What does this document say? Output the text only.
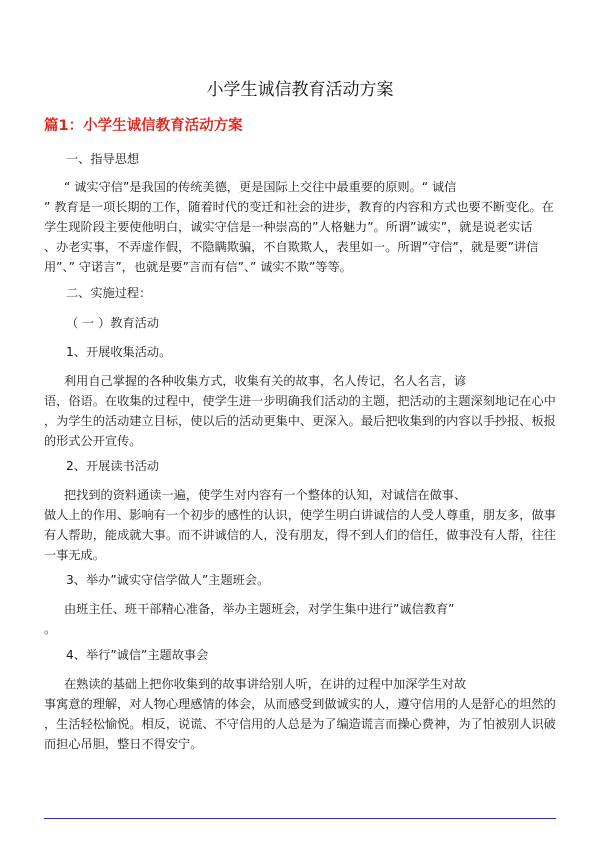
小学生诚信教育活动方案
篇1：小学生诚信教育活动方案
一、指导思想
“ 诚实守信”是我国的传统美德，更是国际上交往中最重要的原则。“ 诚信
” 教育是一项长期的工作，随着时代的变迁和社会的进步，教育的内容和方式也要不断变化。在
学生现阶段主要使他明白，诚实守信是一种崇高的”人格魅力”。所谓”诚实”，就是说老实话
、办老实事，不弄虚作假，不隐瞒欺骗，不自欺欺人，表里如一。所谓”守信”，就是要”讲信
用”、” 守诺言”，也就是要”言而有信”、” 诚实不欺”等等。
二、实施过程：
（ 一 ）教育活动
1、开展收集活动。
利用自己掌握的各种收集方式，收集有关的故事，名人传记，名人名言，谚
语，俗语。在收集的过程中，使学生进一步明确我们活动的主题，把活动的主题深刻地记在心中
，为学生的活动建立目标，使以后的活动更集中、更深入。最后把收集到的内容以手抄报、板报
的形式公开宣传。
2、开展读书活动
把找到的资料通读一遍，使学生对内容有一个整体的认知，对诚信在做事、
做人上的作用、影响有一个初步的感性的认识，使学生明白讲诚信的人受人尊重，朋友多，做事
有人帮助，能成就大事。而不讲诚信的人，没有朋友，得不到人们的信任，做事没有人帮，往往
一事无成。
3、举办”诚实守信学做人”主题班会。
由班主任、班干部精心准备，举办主题班会，对学生集中进行”诚信教育”
。
4、举行”诚信”主题故事会
在熟读的基础上把你收集到的故事讲给别人听，在讲的过程中加深学生对故
事寓意的理解，对人物心理感情的体会，从而感受到做诚实的人，遵守信用的人是舒心的坦然的
，生活轻松愉悦。相反，说谎、不守信用的人总是为了编造谎言而操心费神，为了怕被别人识破
而担心吊胆，整日不得安宁。
